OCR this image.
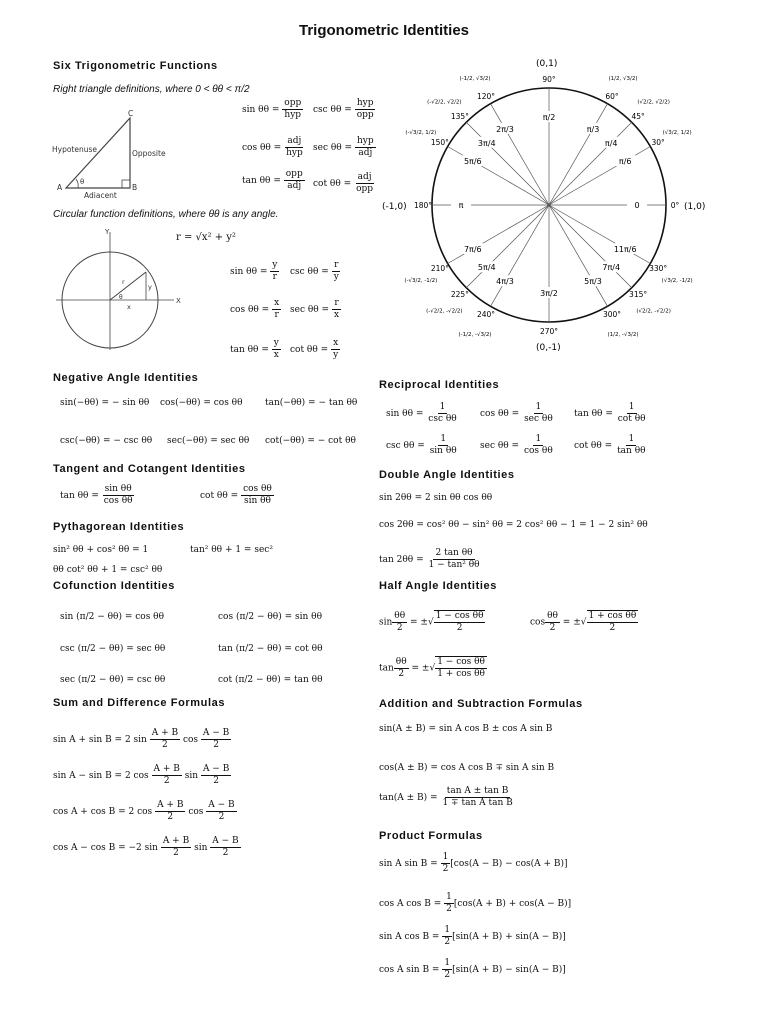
Trigonometric Identities
Six Trigonometric Functions
Right triangle definitions, where 0 < θθ < π/2
Hypotenuse	Opposite
Adjacent
A	B
C
θ
$\sin \theta\theta = \frac{\text{opp}}{\text{hyp}}$ $\csc \theta\theta = \frac{\text{hyp}}{\text{opp}}$
$\cos \theta\theta = \frac{\text{adj}}{\text{hyp}}$ $\sec \theta\theta = \frac{\text{hyp}}{\text{adj}}$
$\tan \theta\theta = \frac{\text{opp}}{\text{adj}}$ $\cot \theta\theta = \frac{\text{adj}}{\text{opp}}$
Circular function definitions, where θθ is any angle.
r = √x² + y²
Y
X
r
y
x
θ
$\sin \theta\theta = \frac{y}{r}$ $\csc \theta\theta = \frac{r}{y}$
$\cos \theta\theta = \frac{x}{r}$ $\sec \theta\theta = \frac{r}{x}$
$\tan \theta\theta = \frac{y}{x}$ $\cot \theta\theta = \frac{x}{y}$
0	0°
π/6
30°
(√3/2, 1/2)
π/4
45°
(√2/2, √2/2)
π/3
60°
(1/2, √3/2)
π/2
90°
2π/3
120°
(-1/2, √3/2)
3π/4
135°
(-√2/2, √2/2)
5π/6
150°
(-√3/2, 1/2)
π
180°
7π/6
210°
(-√3/2, -1/2)
5π/4
225°
(-√2/2, -√2/2)
4π/3
240°
(-1/2, -√3/2)
3π/2
270°
5π/3
300°
(1/2, -√3/2)
7π/4
315°
(√2/2, -√2/2)
11π/6
330°
(√3/2, -1/2)
(0,1)
(0,-1)
(-1,0)	(1,0)
Negative Angle Identities
sin(−θθ) = − sin θθ cos(−θθ) = cos θθ tan(−θθ) = − tan θθ
csc(−θθ) = − csc θθ sec(−θθ) = sec θθ cot(−θθ) = − cot θθ
Tangent and Cotangent Identities
$\tan \theta\theta = \frac{\text{sin θθ}}{\text{cos θθ}}$	$\cot \theta\theta = \frac{\text{cos θθ}}{\text{sin θθ}}$
Pythagorean Identities
sin² θθ + cos² θθ = 1	tan² θθ + 1 = sec²
θθ cot² θθ + 1 = csc² θθ
Cofunction Identities
sin (π/2 − θθ) = cos θθ	cos (π/2 − θθ) = sin θθ
csc (π/2 − θθ) = sec θθ	tan (π/2 − θθ) = cot θθ
sec (π/2 − θθ) = csc θθ	cot (π/2 − θθ) = tan θθ
Sum and Difference Formulas
sin A + sin B = 2 $\sin \frac{A + B}{2}$ $\cos \frac{A - B}{2}$
sin A − sin B = 2 $\cos \frac{A + B}{2}$ $\sin \frac{A - B}{2}$
cos A + cos B = 2 $\cos \frac{A + B}{2}$ $\cos \frac{A - B}{2}$
cos A − cos B = −2 $\sin \frac{A + B}{2}$ $\sin \frac{A - B}{2}$
Reciprocal Identities
$\sin \theta\theta = \frac{1}{\text{csc θθ}}$ $\cos \theta\theta = \frac{1}{\text{sec θθ}}$ $\tan \theta\theta = \frac{1}{\text{cot θθ}}$
$\csc \theta\theta = \frac{1}{\text{sin θθ}}$ $\sec \theta\theta = \frac{1}{\text{cos θθ}}$ $\cot \theta\theta = \frac{1}{\text{tan θθ}}$
Double Angle Identities
sin 2θθ = 2 sin θθ cos θθ
cos 2θθ = cos² θθ − sin² θθ = 2 cos² θθ − 1 = 1 − 2 sin² θθ
$\tan 2\theta\theta = \frac{\text{2 tan θθ}}{\text{1 − tan² θθ}}$
Half Angle Identities
$\sin \frac{\theta\theta}{2}$ = ±√ $\frac{\text{1 − cos θθ}}{2}$	$\cos \frac{\theta\theta}{2}$ = ±√ $\frac{\text{1 + cos θθ}}{2}$
$\tan \frac{\theta\theta}{2}$ = ±√ $\frac{\text{1 − cos θθ}}{\text{1 + cos θθ}}$
Addition and Subtraction Formulas
sin(A ± B) = sin A cos B ± cos A sin B
cos(A ± B) = cos A cos B ∓ sin A sin B
$\tan(A \pm B) = \frac{\text{tan A ± tan B}}{\text{1 ∓ tan A tan B}}$
Product Formulas
sin A $\sin B = \frac{1}{2} [\cos(A - B) - \cos(A + B)]$
cos A $\cos B = \frac{1}{2} [\cos(A + B) + \cos(A - B)]$
sin A $\cos B = \frac{1}{2} [\sin(A + B) + \sin(A - B)]$
cos A $\sin B = \frac{1}{2} [\sin(A + B) - \sin(A - B)]$
